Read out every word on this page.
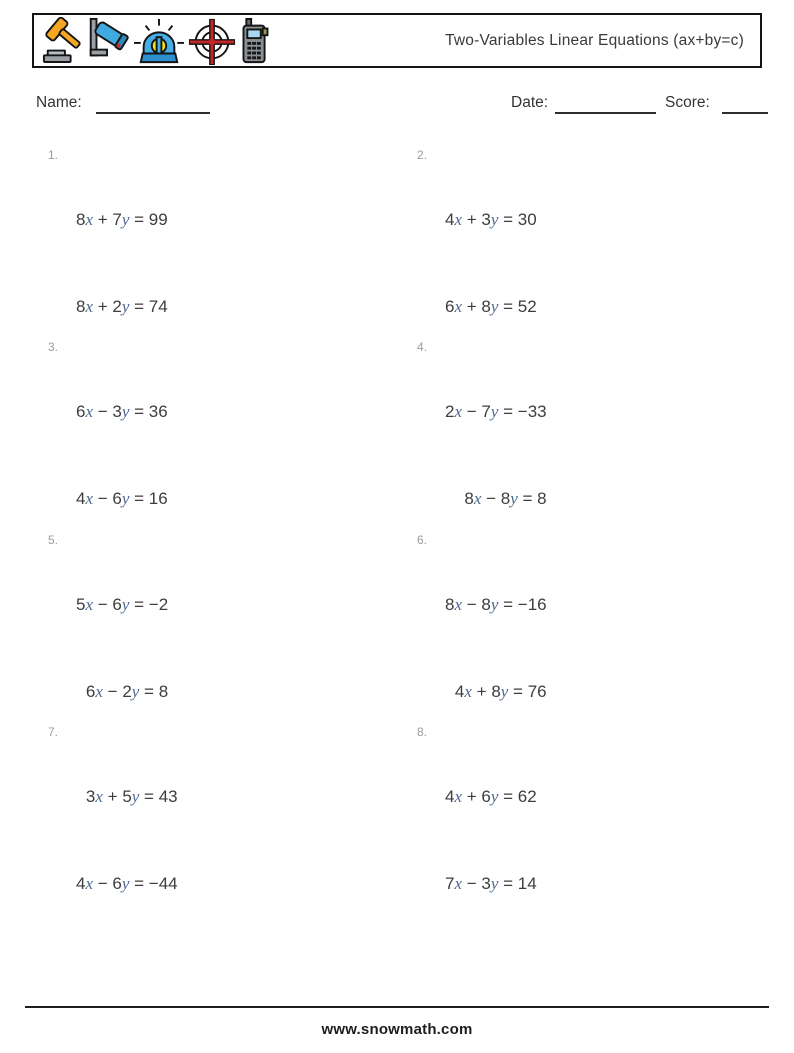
Two-Variables Linear Equations (ax+by=c)
Name:	Date:	Score:
1.

8x + 7y = 99

8x + 2y = 74

2.

4x + 3y = 30

6x + 8y = 52

3.

6x − 3y = 36

4x − 6y = 16

4.

2x − 7y = −33

8x − 8y = 8

5.

5x − 6y = −2

6x − 2y = 8

6.

8x − 8y = −16

4x + 8y = 76

7.

3x + 5y = 43

4x − 6y = −44

8.

4x + 6y = 62

7x − 3y = 14

www.snowmath.com
